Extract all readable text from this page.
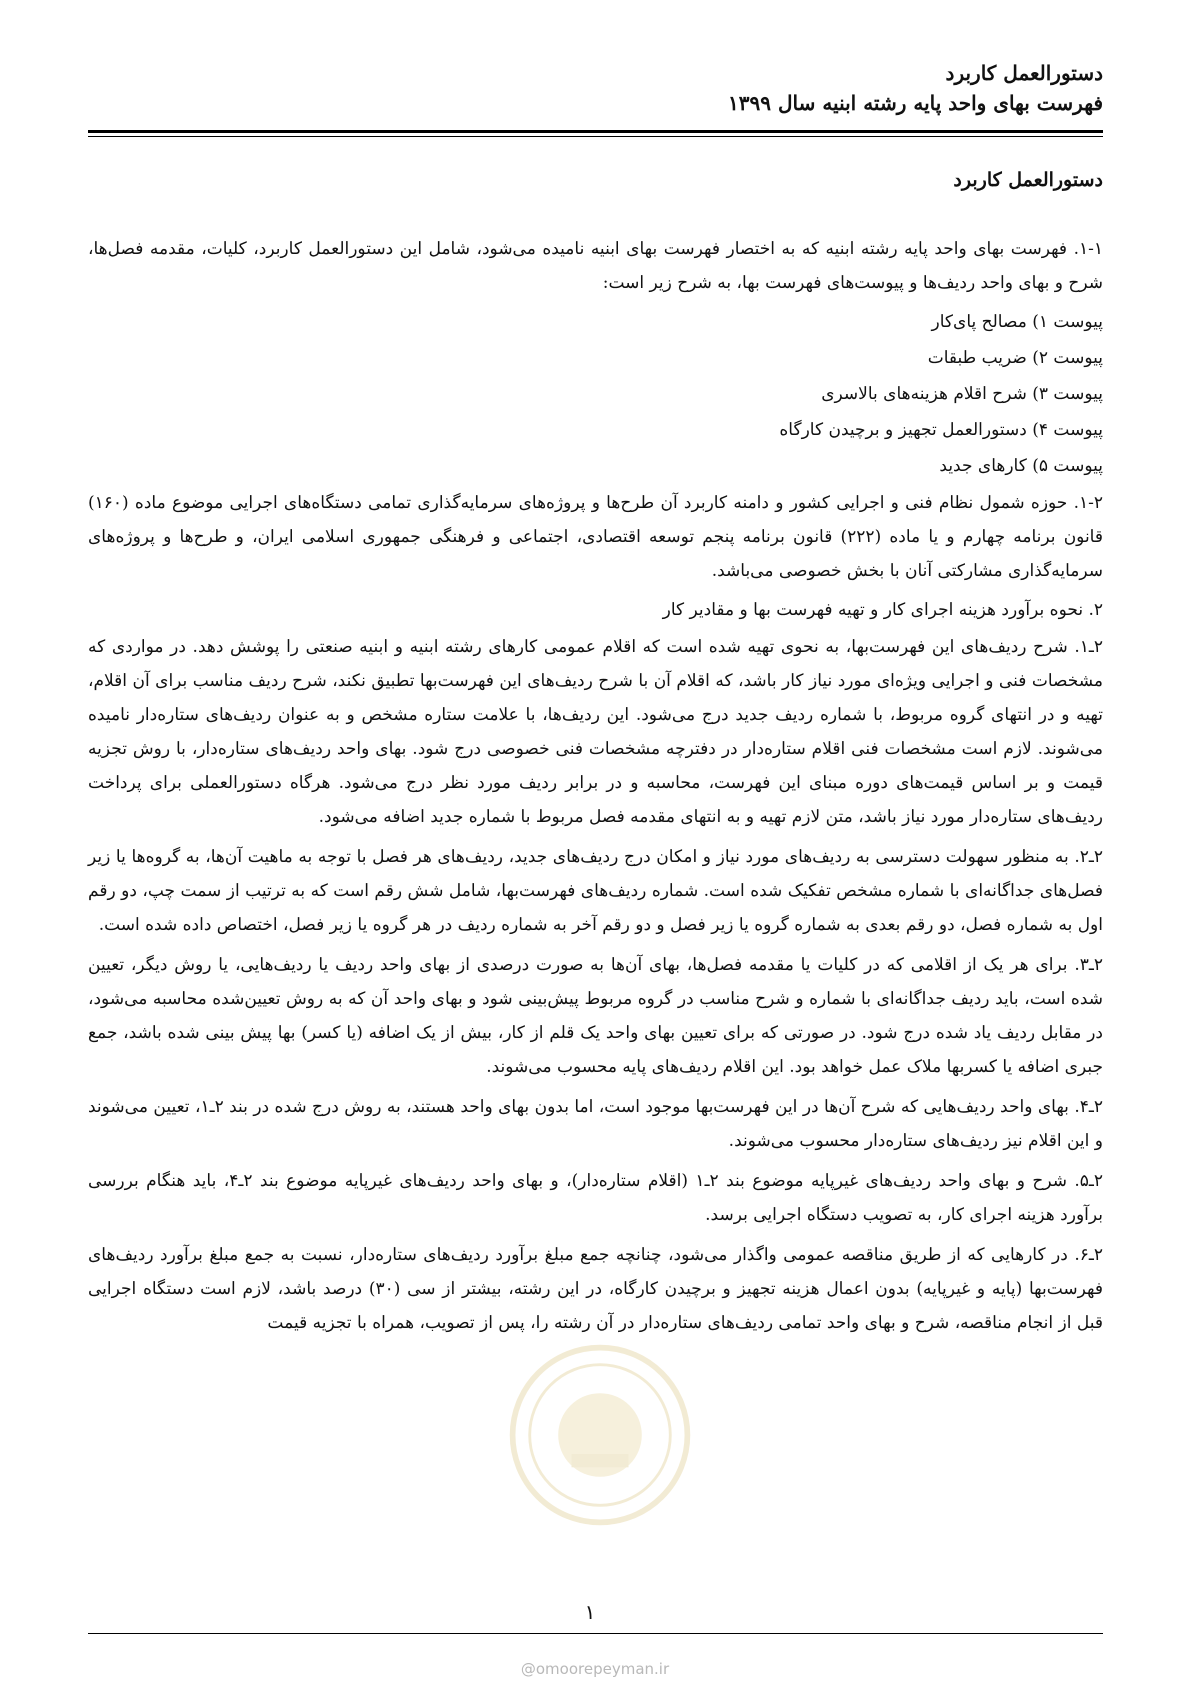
دستورالعمل کاربرد
فهرست بهای واحد پایه رشته ابنیه سال ۱۳۹۹
دستورالعمل کاربرد

۱-۱. فهرست بهای واحد پایه رشته ابنیه که به اختصار فهرست بهای ابنیه نامیده می‌شود، شامل این دستورالعمل کاربرد، کلیات، مقدمه فصل‌ها، شرح و بهای واحد ردیف‌ها و پیوست‌های فهرست بها، به شرح زیر است:

پیوست ۱) مصالح پای‌کار
پیوست ۲) ضریب طبقات
پیوست ۳) شرح اقلام هزینه‌های بالاسری
پیوست ۴) دستورالعمل تجهیز و برچیدن کارگاه
پیوست ۵) کارهای جدید

۱-۲. حوزه شمول نظام فنی و اجرایی کشور و دامنه کاربرد آن طرح‌ها و پروژه‌های سرمایه‌گذاری تمامی دستگاه‌های اجرایی موضوع ماده (۱۶۰) قانون برنامه چهارم و یا ماده (۲۲۲) قانون برنامه پنجم توسعه اقتصادی، اجتماعی و فرهنگی جمهوری اسلامی ایران، و طرح‌ها و پروژه‌های سرمایه‌گذاری مشارکتی آنان با بخش خصوصی می‌باشد.

۲. نحوه برآورد هزینه اجرای کار و تهیه فهرست بها و مقادیر کار

۲ـ۱. شرح ردیف‌های این فهرست‌بها، به نحوی تهیه شده است که اقلام عمومی کارهای رشته ابنیه و ابنیه صنعتی را پوشش دهد. در مواردی که مشخصات فنی و اجرایی ویژه‌ای مورد نیاز کار باشد، که اقلام آن با شرح ردیف‌های این فهرست‌بها تطبیق نکند، شرح ردیف مناسب برای آن اقلام، تهیه و در انتهای گروه مربوط، با شماره ردیف جدید درج می‌شود. این ردیف‌ها، با علامت ستاره مشخص و به عنوان ردیف‌های ستاره‌دار نامیده می‌شوند. لازم است مشخصات فنی اقلام ستاره‌دار در دفترچه مشخصات فنی خصوصی درج شود. بهای واحد ردیف‌های ستاره‌دار، با روش تجزیه قیمت و بر اساس قیمت‌های دوره مبنای این فهرست، محاسبه و در برابر ردیف مورد نظر درج می‌شود. هرگاه دستورالعملی برای پرداخت ردیف‌های ستاره‌دار مورد نیاز باشد، متن لازم تهیه و به انتهای مقدمه فصل مربوط با شماره جدید اضافه می‌شود.

۲ـ۲. به منظور سهولت دسترسی به ردیف‌های مورد نیاز و امکان درج ردیف‌های جدید، ردیف‌های هر فصل با توجه به ماهیت آن‌ها، به گروه‌ها یا زیر فصل‌های جداگانه‌ای با شماره مشخص تفکیک شده است. شماره ردیف‌های فهرست‌بها، شامل شش رقم است که به ترتیب از سمت چپ، دو رقم اول به شماره فصل، دو رقم بعدی به شماره گروه یا زیر فصل و دو رقم آخر به شماره ردیف در هر گروه یا زیر فصل، اختصاص داده شده است.

۲ـ۳. برای هر یک از اقلامی که در کلیات یا مقدمه فصل‌ها، بهای آن‌ها به صورت درصدی از بهای واحد ردیف یا ردیف‌هایی، یا روش دیگر، تعیین شده است، باید ردیف جداگانه‌ای با شماره و شرح مناسب در گروه مربوط پیش‌بینی شود و بهای واحد آن که به روش تعیین‌شده محاسبه می‌شود، در مقابل ردیف یاد شده درج شود. در صورتی که برای تعیین بهای واحد یک قلم از کار، بیش از یک اضافه (یا کسر) بها پیش بینی شده باشد، جمع جبری اضافه یا کسربها ملاک عمل خواهد بود. این اقلام ردیف‌های پایه محسوب می‌شوند.

۲ـ۴. بهای واحد ردیف‌هایی که شرح آن‌ها در این فهرست‌بها موجود است، اما بدون بهای واحد هستند، به روش درج شده در بند ۲ـ۱، تعیین می‌شوند و این اقلام نیز ردیف‌های ستاره‌دار محسوب می‌شوند.

۲ـ۵. شرح و بهای واحد ردیف‌های غیرپایه موضوع بند ۲ـ۱ (اقلام ستاره‌دار)، و بهای واحد ردیف‌های غیرپایه موضوع بند ۲ـ۴، باید هنگام بررسی برآورد هزینه اجرای کار، به تصویب دستگاه اجرایی برسد.

۲ـ۶. در کارهایی که از طریق مناقصه عمومی واگذار می‌شود، چنانچه جمع مبلغ برآورد ردیف‌های ستاره‌دار، نسبت به جمع مبلغ برآورد ردیف‌های فهرست‌بها (پایه و غیرپایه) بدون اعمال هزینه تجهیز و برچیدن کارگاه، در این رشته، بیشتر از سی (۳۰) درصد باشد، لازم است دستگاه اجرایی قبل از انجام مناقصه، شرح و بهای واحد تمامی ردیف‌های ستاره‌دار در آن رشته را، پس از تصویب، همراه با تجزیه قیمت

۱
@omoorepeyman.ir
